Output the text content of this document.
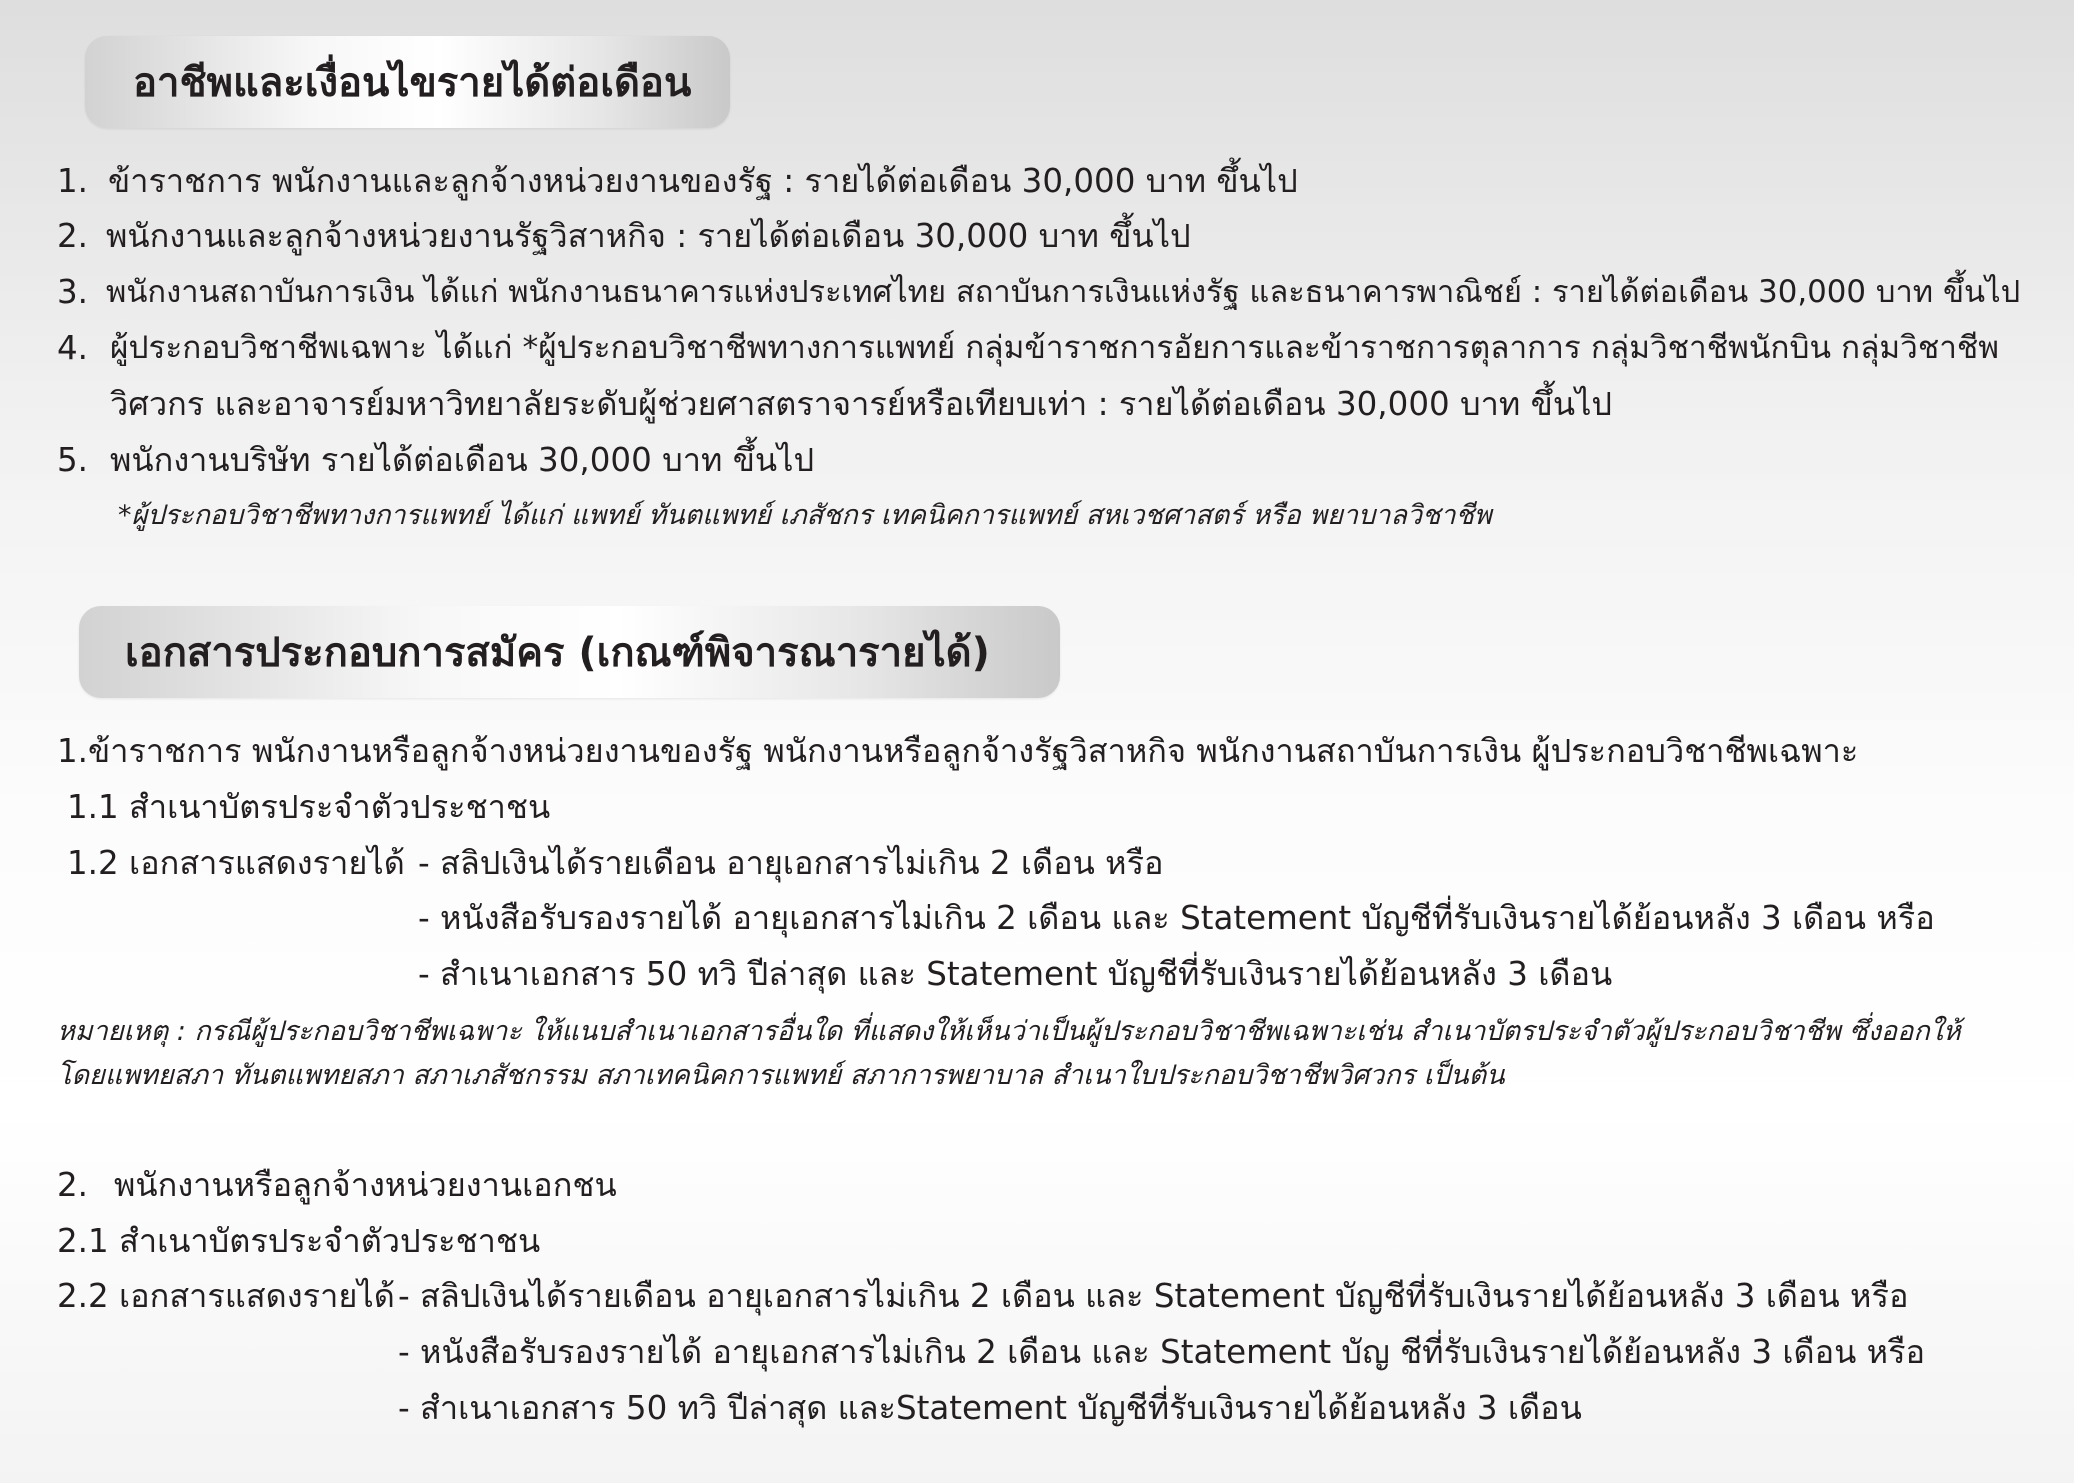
อาชีพและเงื่อนไขรายได้ต่อเดือน
1. ข้าราชการ พนักงานและลูกจ้างหน่วยงานของรัฐ : รายได้ต่อเดือน 30,000 บาท ขึ้นไป
2. พนักงานและลูกจ้างหน่วยงานรัฐวิสาหกิจ : รายได้ต่อเดือน 30,000 บาท ขึ้นไป
3. พนักงานสถาบันการเงิน ได้แก่ พนักงานธนาคารแห่งประเทศไทย สถาบันการเงินแห่งรัฐ และธนาคารพาณิชย์ : รายได้ต่อเดือน 30,000 บาท ขึ้นไป
4. ผู้ประกอบวิชาชีพเฉพาะ ได้แก่ *ผู้ประกอบวิชาชีพทางการแพทย์ กลุ่มข้าราชการอัยการและข้าราชการตุลาการ กลุ่มวิชาชีพนักบิน กลุ่มวิชาชีพ
วิศวกร และอาจารย์มหาวิทยาลัยระดับผู้ช่วยศาสตราจารย์หรือเทียบเท่า : รายได้ต่อเดือน 30,000 บาท ขึ้นไป
5. พนักงานบริษัท รายได้ต่อเดือน 30,000 บาท ขึ้นไป
*ผู้ประกอบวิชาชีพทางการแพทย์ ได้แก่ แพทย์ ทันตแพทย์ เภสัชกร เทคนิคการแพทย์ สหเวชศาสตร์ หรือ พยาบาลวิชาชีพ
เอกสารประกอบการสมัคร (เกณฑ์พิจารณารายได้)
1.ข้าราชการ พนักงานหรือลูกจ้างหน่วยงานของรัฐ พนักงานหรือลูกจ้างรัฐวิสาหกิจ พนักงานสถาบันการเงิน ผู้ประกอบวิชาชีพเฉพาะ
1.1 สำเนาบัตรประจำตัวประชาชน
1.2 เอกสารแสดงรายได้ - สลิปเงินได้รายเดือน อายุเอกสารไม่เกิน 2 เดือน หรือ
- หนังสือรับรองรายได้ อายุเอกสารไม่เกิน 2 เดือน และ Statement บัญชีที่รับเงินรายได้ย้อนหลัง 3 เดือน หรือ
- สำเนาเอกสาร 50 ทวิ ปีล่าสุด และ Statement บัญชีที่รับเงินรายได้ย้อนหลัง 3 เดือน
หมายเหตุ : กรณีผู้ประกอบวิชาชีพเฉพาะ ให้แนบสำเนาเอกสารอื่นใด ที่แสดงให้เห็นว่าเป็นผู้ประกอบวิชาชีพเฉพาะเช่น สำเนาบัตรประจำตัวผู้ประกอบวิชาชีพ ซึ่งออกให้
โดยแพทยสภา ทันตแพทยสภา สภาเภสัชกรรม สภาเทคนิคการแพทย์ สภาการพยาบาล สำเนาใบประกอบวิชาชีพวิศวกร เป็นต้น
2. พนักงานหรือลูกจ้างหน่วยงานเอกชน
2.1 สำเนาบัตรประจำตัวประชาชน
2.2 เอกสารแสดงรายได้ - สลิปเงินได้รายเดือน อายุเอกสารไม่เกิน 2 เดือน และ Statement บัญชีที่รับเงินรายได้ย้อนหลัง 3 เดือน หรือ
- หนังสือรับรองรายได้ อายุเอกสารไม่เกิน 2 เดือน และ Statement บัญ ชีที่รับเงินรายได้ย้อนหลัง 3 เดือน หรือ
- สำเนาเอกสาร 50 ทวิ ปีล่าสุด และStatement บัญชีที่รับเงินรายได้ย้อนหลัง 3 เดือน
